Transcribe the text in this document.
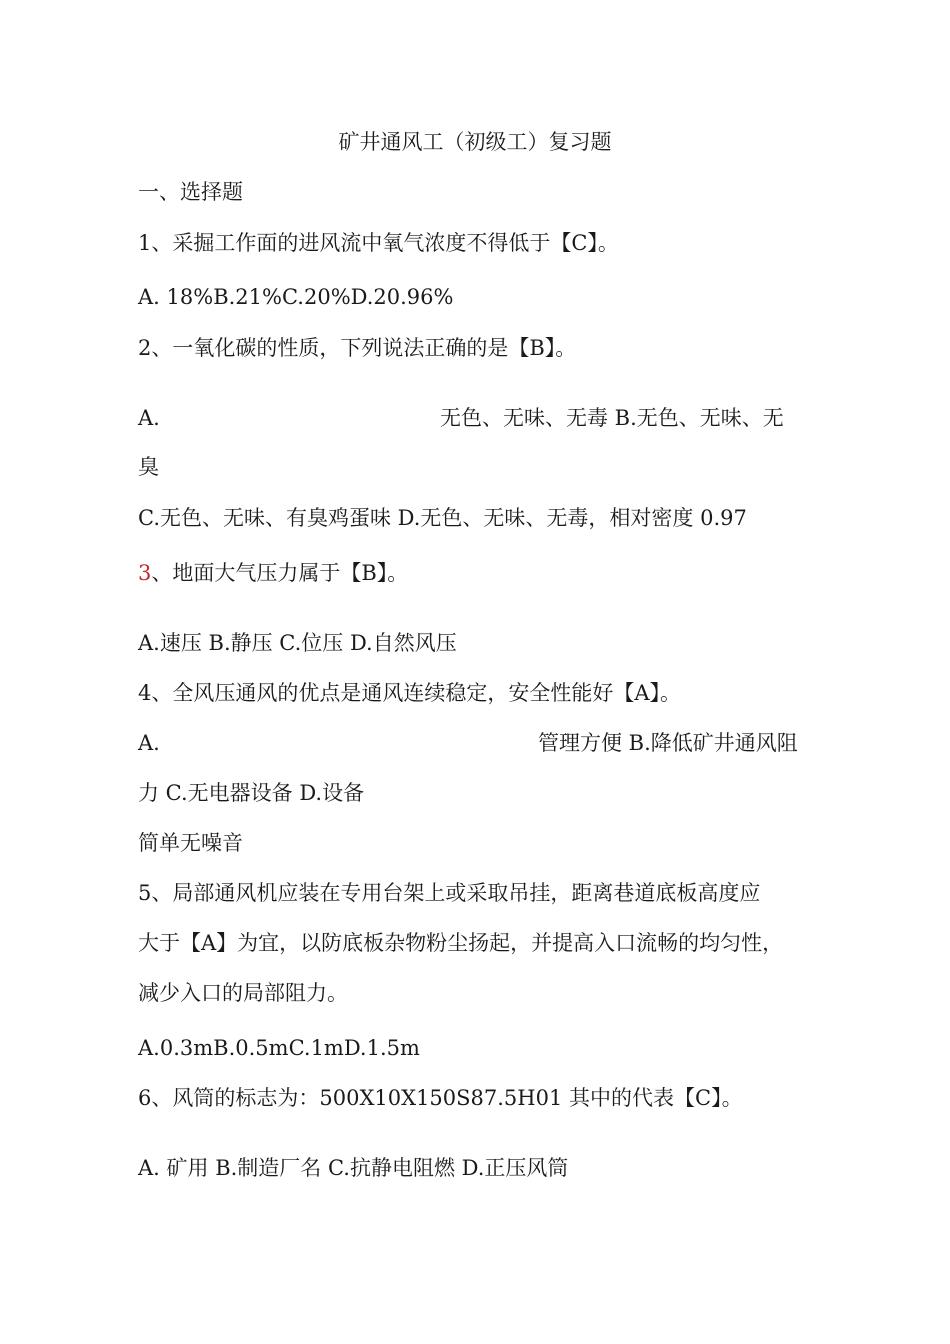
矿井通风工（初级工）复习题
一、选择题
1、采掘工作面的进风流中氧气浓度不得低于【C】。
A. 18%B.21%C.20%D.20.96%
2、一氧化碳的性质，下列说法正确的是【B】。
A.	无色、无味、无毒 B.无色、无味、无
臭
C.无色、无味、有臭鸡蛋味 D.无色、无味、无毒，相对密度 0.97
3、地面大气压力属于【B】。
A.速压 B.静压 C.位压 D.自然风压
4、全风压通风的优点是通风连续稳定，安全性能好【A】。
A.	管理方便 B.降低矿井通风阻
力 C.无电器设备 D.设备
简单无噪音
5、局部通风机应装在专用台架上或采取吊挂，距离巷道底板高度应
大于【A】为宜，以防底板杂物粉尘扬起，并提高入口流畅的均匀性，
减少入口的局部阻力。
A.0.3mB.0.5mC.1mD.1.5m
6、风筒的标志为：500X10X150S87.5H01 其中的代表【C】。
A. 矿用 B.制造厂名 C.抗静电阻燃 D.正压风筒
